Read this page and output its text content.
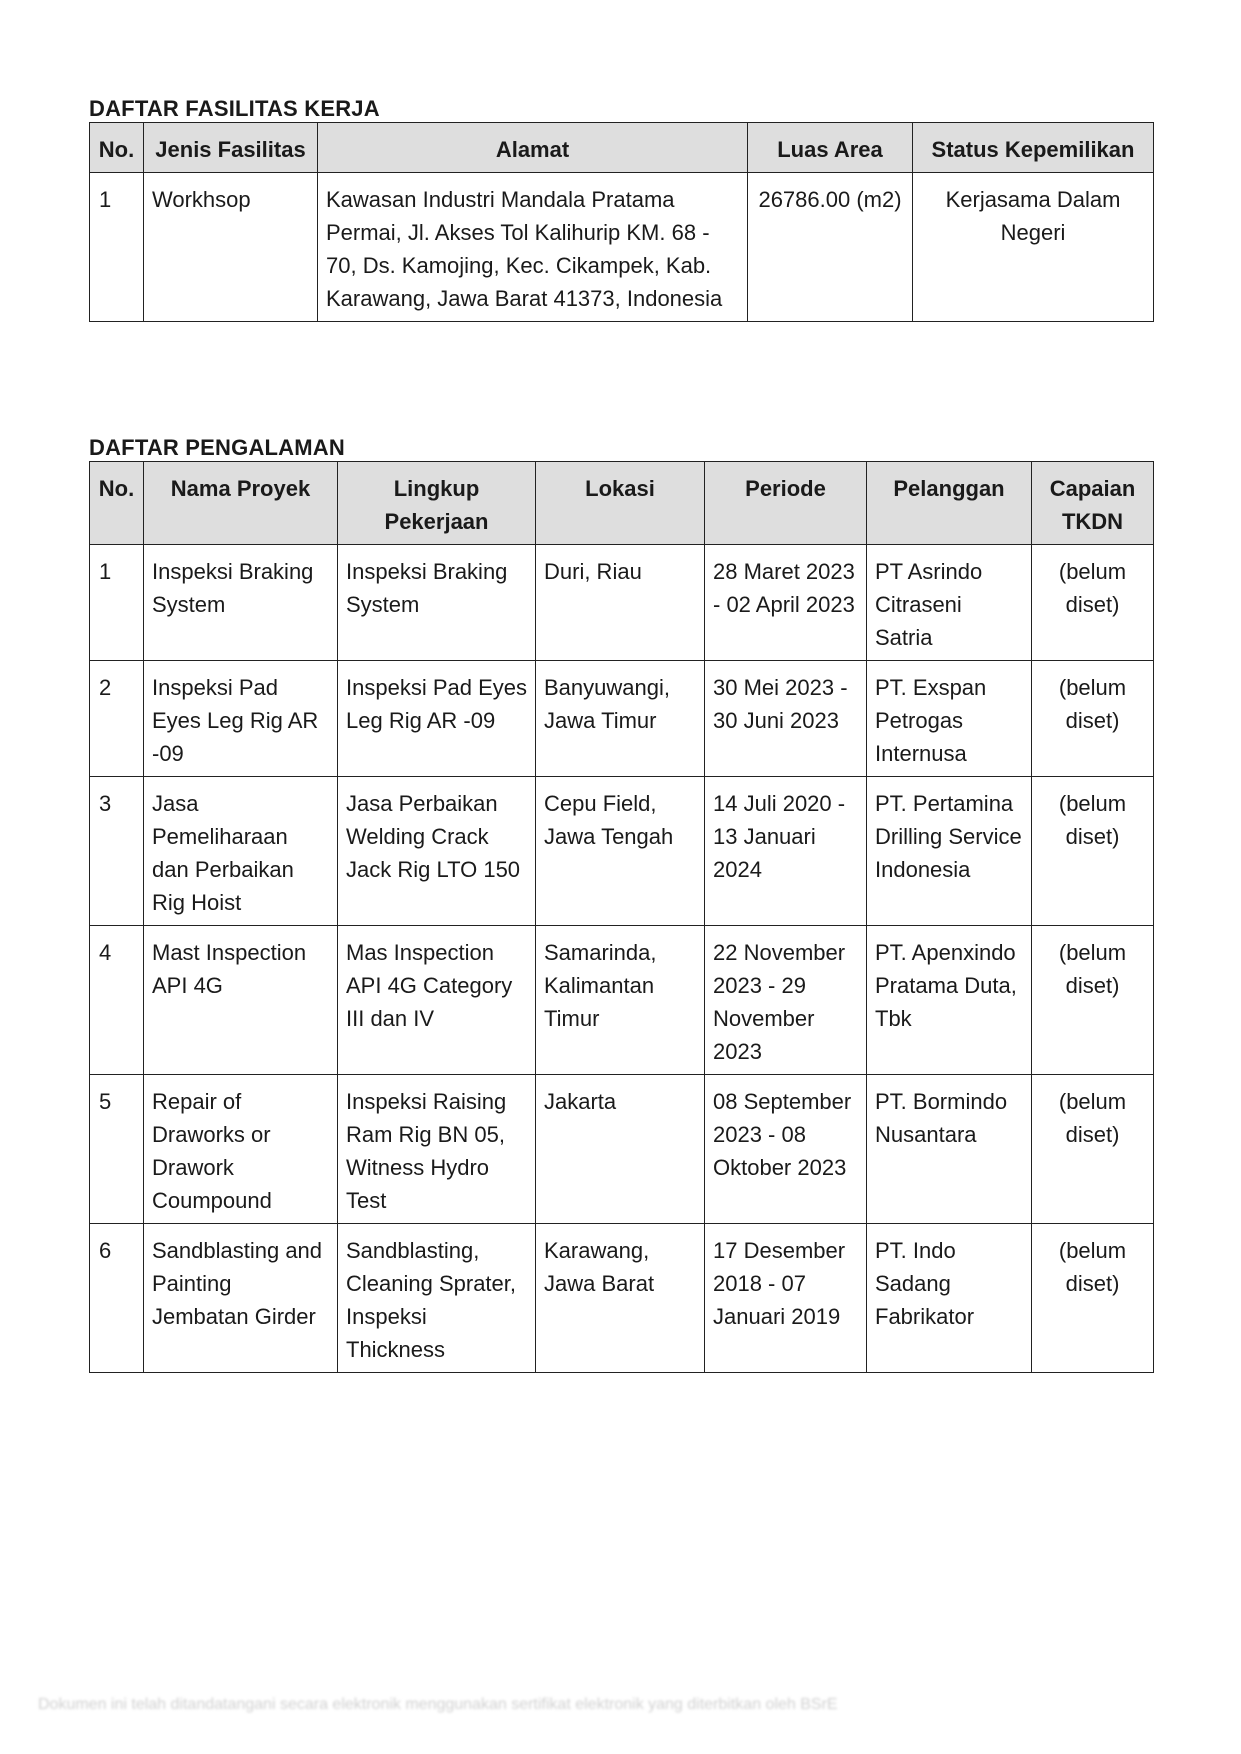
DAFTAR FASILITAS KERJA
No.	Jenis Fasilitas	Alamat	Luas Area	Status Kepemilikan
1	Workhsop	Kawasan Industri Mandala Pratama Permai, Jl. Akses Tol Kalihurip KM. 68 - 70, Ds. Kamojing, Kec. Cikampek, Kab. Karawang, Jawa Barat 41373, Indonesia	26786.00 (m2)	Kerjasama Dalam Negeri
DAFTAR PENGALAMAN
No.	Nama Proyek	Lingkup Pekerjaan	Lokasi	Periode	Pelanggan	Capaian TKDN
1	Inspeksi Braking System	Inspeksi Braking System	Duri, Riau	28 Maret 2023 - 02 April 2023	PT Asrindo Citraseni Satria	(belum diset)
2	Inspeksi Pad Eyes Leg Rig AR -09	Inspeksi Pad Eyes Leg Rig AR -09	Banyuwangi, Jawa Timur	30 Mei 2023 - 30 Juni 2023	PT. Exspan Petrogas Internusa	(belum diset)
3	Jasa Pemeliharaan dan Perbaikan Rig Hoist	Jasa Perbaikan Welding Crack Jack Rig LTO 150	Cepu Field, Jawa Tengah	14 Juli 2020 - 13 Januari 2024	PT. Pertamina Drilling Service Indonesia	(belum diset)
4	Mast Inspection API 4G	Mas Inspection API 4G Category III dan IV	Samarinda, Kalimantan Timur	22 November 2023 - 29 November 2023	PT. Apenxindo Pratama Duta, Tbk	(belum diset)
5	Repair of Draworks or Drawork Coumpound	Inspeksi Raising Ram Rig BN 05, Witness Hydro Test	Jakarta	08 September 2023 - 08 Oktober 2023	PT. Bormindo Nusantara	(belum diset)
6	Sandblasting and Painting Jembatan Girder	Sandblasting, Cleaning Sprater, Inspeksi Thickness	Karawang, Jawa Barat	17 Desember 2018 - 07 Januari 2019	PT. Indo Sadang Fabrikator	(belum diset)
Dokumen ini telah ditandatangani secara elektronik menggunakan sertifikat elektronik yang diterbitkan oleh BSrE
